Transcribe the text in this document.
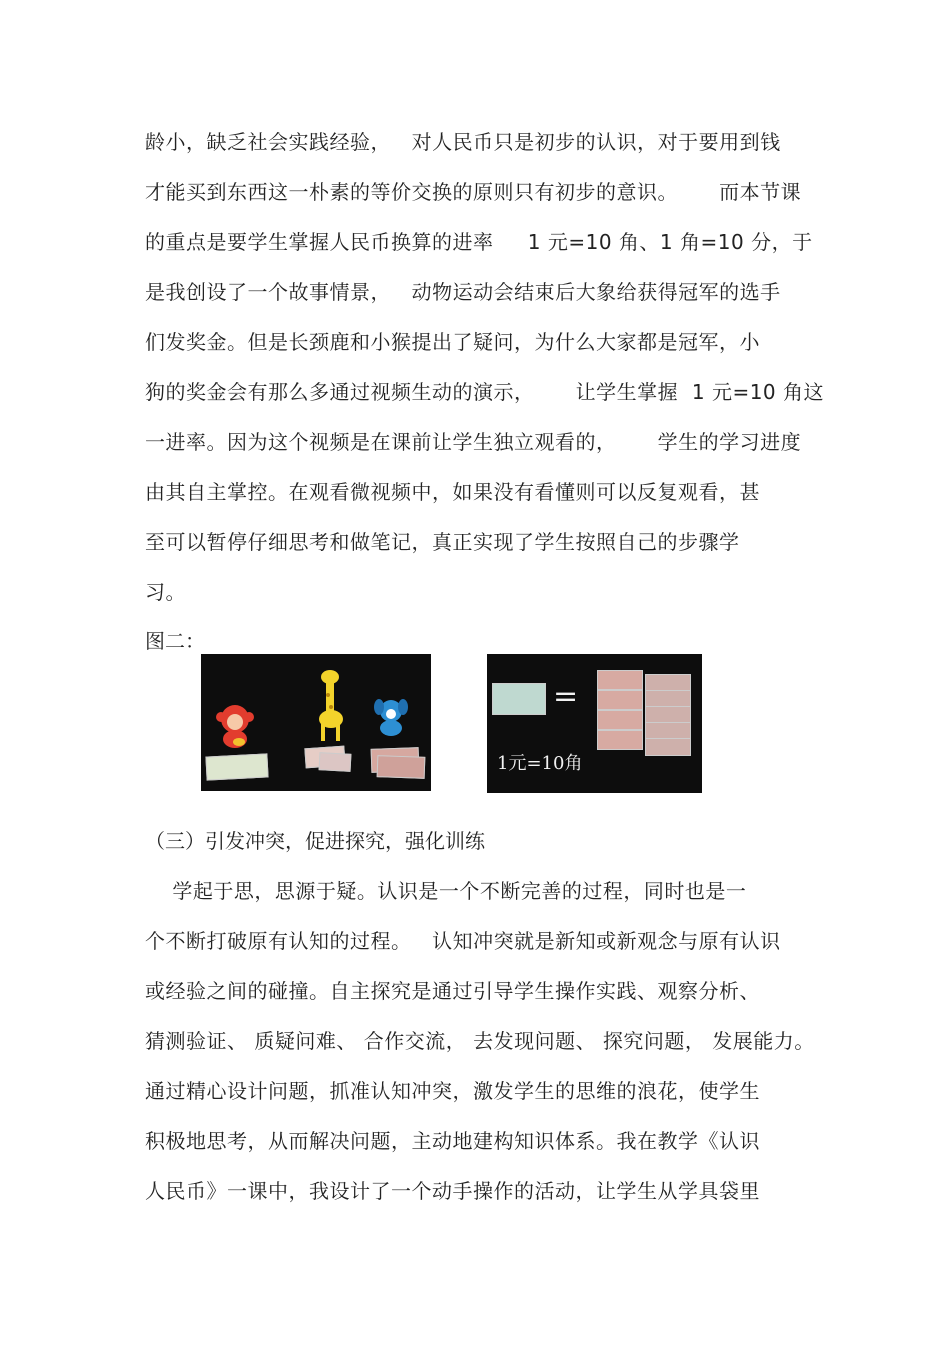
龄小，缺乏社会实践经验，   对人民币只是初步的认识，对于要用到钱
才能买到东西这一朴素的等价交换的原则只有初步的意识。      而本节课
的重点是要学生掌握人民币换算的进率     1 元=10 角、1 角=10 分，于
是我创设了一个故事情景，   动物运动会结束后大象给获得冠军的选手
们发奖金。但是长颈鹿和小猴提出了疑问，为什么大家都是冠军，小
狗的奖金会有那么多通过视频生动的演示，      让学生掌握  1 元=10 角这
一进率。因为这个视频是在课前让学生独立观看的，      学生的学习进度
由其自主掌控。在观看微视频中，如果没有看懂则可以反复观看，甚
至可以暂停仔细思考和做笔记，真正实现了学生按照自己的步骤学
习。
图二：
=
1元=10角
（三）引发冲突，促进探究，强化训练
学起于思，思源于疑。认识是一个不断完善的过程，同时也是一
个不断打破原有认知的过程。   认知冲突就是新知或新观念与原有认识
或经验之间的碰撞。自主探究是通过引导学生操作实践、观察分析、
猜测验证、 质疑问难、 合作交流， 去发现问题、 探究问题， 发展能力。
通过精心设计问题，抓准认知冲突，激发学生的思维的浪花，使学生
积极地思考，从而解决问题，主动地建构知识体系。我在教学《认识
人民币》一课中，我设计了一个动手操作的活动，让学生从学具袋里
